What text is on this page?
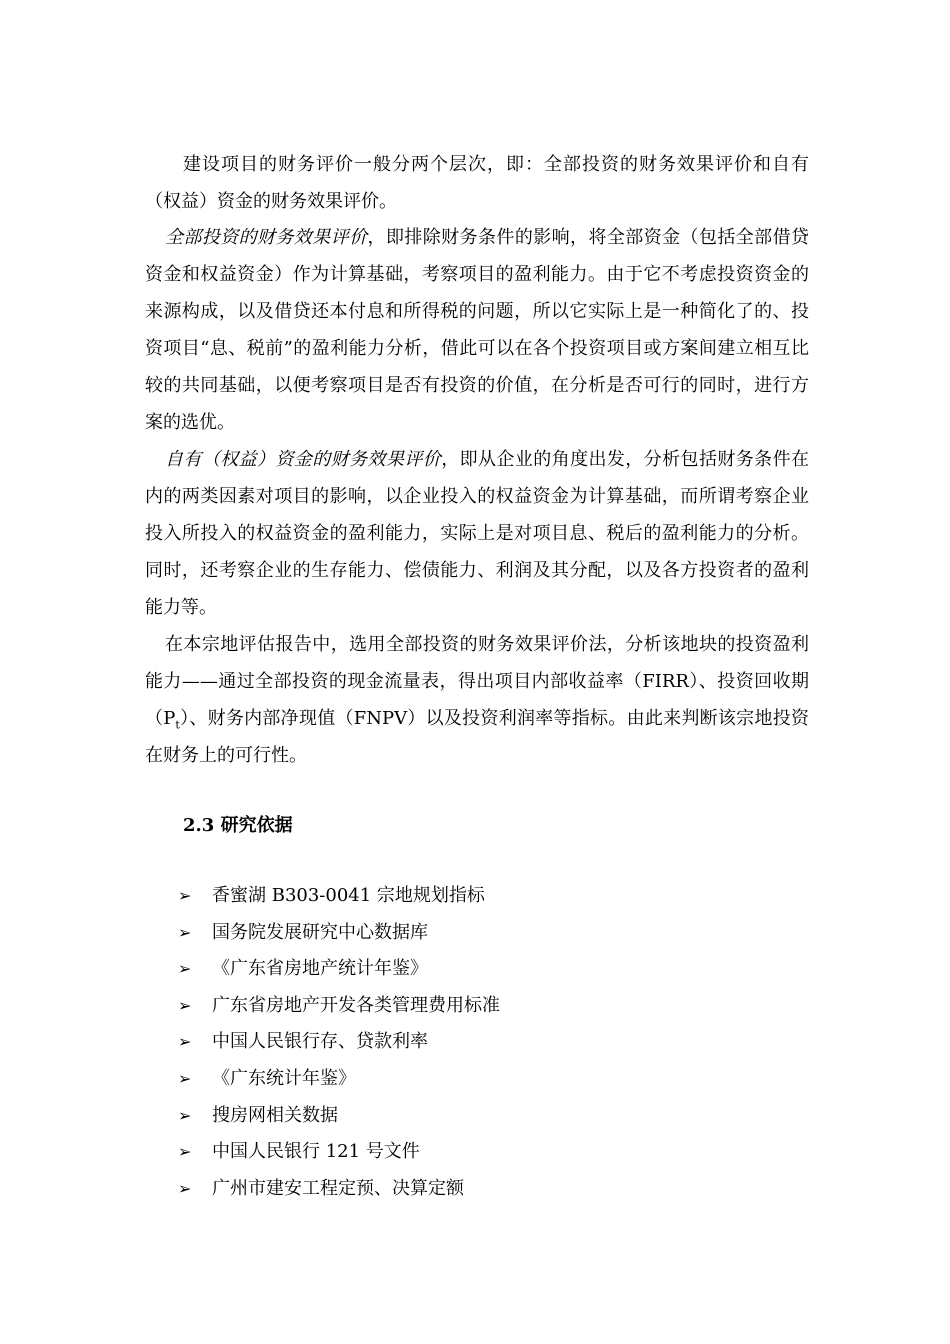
建设项目的财务评价一般分两个层次，即：全部投资的财务效果评价和自有（权益）资金的财务效果评价。

全部投资的财务效果评价，即排除财务条件的影响，将全部资金（包括全部借贷资金和权益资金）作为计算基础，考察项目的盈利能力。由于它不考虑投资资金的来源构成，以及借贷还本付息和所得税的问题，所以它实际上是一种简化了的、投资项目“息、税前”的盈利能力分析，借此可以在各个投资项目或方案间建立相互比较的共同基础，以便考察项目是否有投资的价值，在分析是否可行的同时，进行方案的选优。

自有（权益）资金的财务效果评价，即从企业的角度出发，分析包括财务条件在内的两类因素对项目的影响，以企业投入的权益资金为计算基础，而所谓考察企业投入所投入的权益资金的盈利能力，实际上是对项目息、税后的盈利能力的分析。同时，还考察企业的生存能力、偿债能力、利润及其分配，以及各方投资者的盈利能力等。

在本宗地评估报告中，选用全部投资的财务效果评价法，分析该地块的投资盈利能力——通过全部投资的现金流量表，得出项目内部收益率（FIRR）、投资回收期$(P_t)$、财务内部净现值（FNPV）以及投资利润率等指标。由此来判断该宗地投资在财务上的可行性。

2.3 研究依据
➢	香蜜湖 B303-0041 宗地规划指标
➢	国务院发展研究中心数据库
➢	《广东省房地产统计年鉴》
➢	广东省房地产开发各类管理费用标准
➢	中国人民银行存、贷款利率
➢	《广东统计年鉴》
➢	搜房网相关数据
➢	中国人民银行 121 号文件
➢	广州市建安工程定预、决算定额
